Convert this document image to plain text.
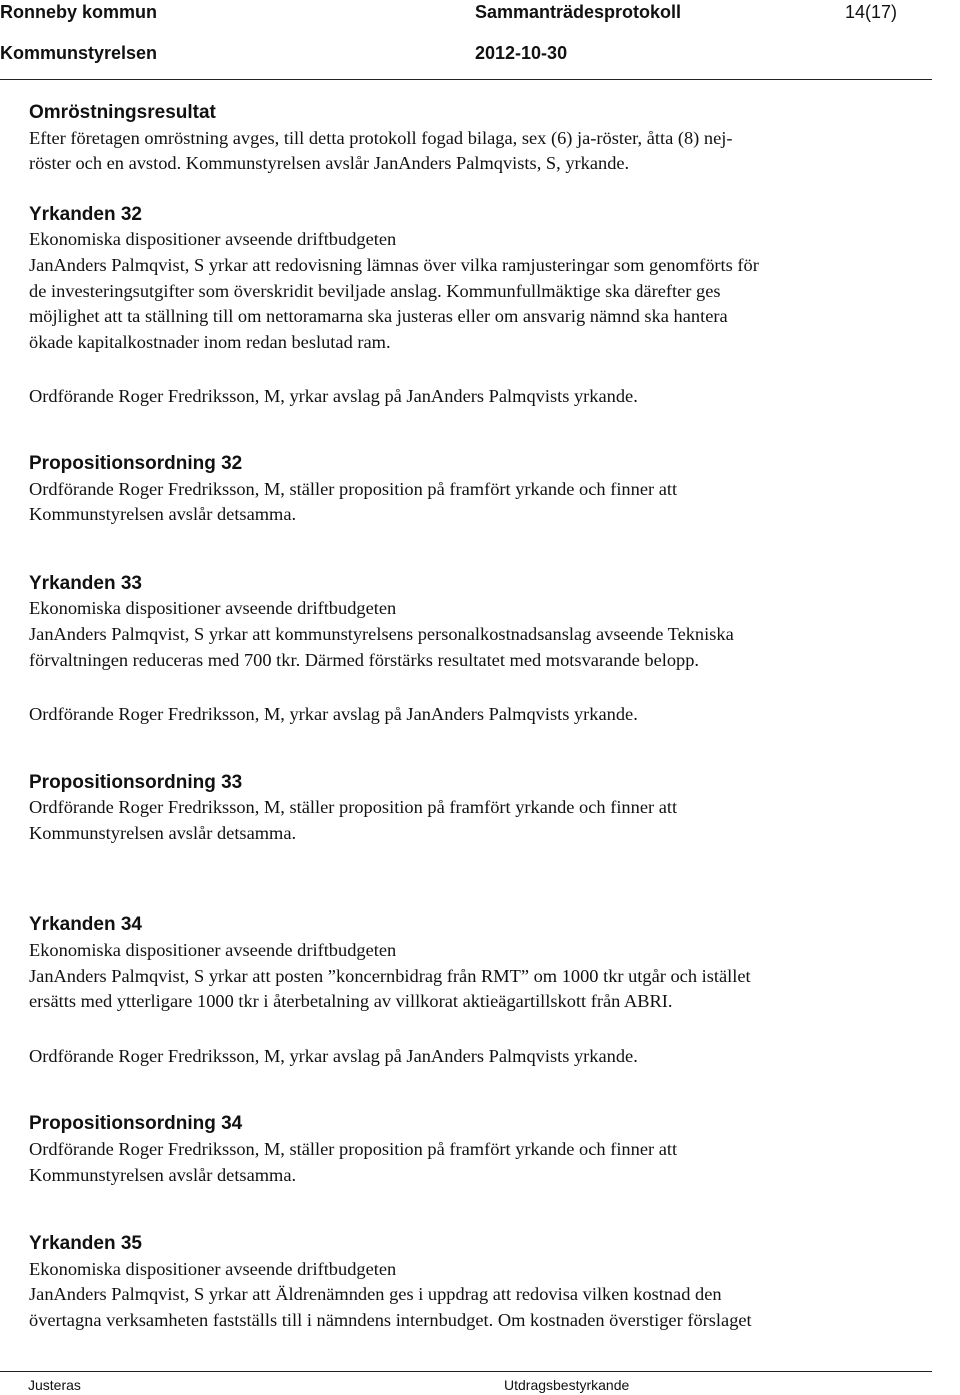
Ronneby kommun	Sammanträdesprotokoll	14(17)
Kommunstyrelsen	2012-10-30
Omröstningsresultat

Efter företagen omröstning avges, till detta protokoll fogad bilaga, sex (6) ja-röster, åtta (8) nej-

röster och en avstod. Kommunstyrelsen avslår JanAnders Palmqvists, S, yrkande.

Yrkanden 32

Ekonomiska dispositioner avseende driftbudgeten

JanAnders Palmqvist, S yrkar att redovisning lämnas över vilka ramjusteringar som genomförts för

de investeringsutgifter som överskridit beviljade anslag. Kommunfullmäktige ska därefter ges

möjlighet att ta ställning till om nettoramarna ska justeras eller om ansvarig nämnd ska hantera

ökade kapitalkostnader inom redan beslutad ram.

Ordförande Roger Fredriksson, M, yrkar avslag på JanAnders Palmqvists yrkande.

Propositionsordning 32

Ordförande Roger Fredriksson, M, ställer proposition på framfört yrkande och finner att

Kommunstyrelsen avslår detsamma.

Yrkanden 33

Ekonomiska dispositioner avseende driftbudgeten

JanAnders Palmqvist, S yrkar att kommunstyrelsens personalkostnadsanslag avseende Tekniska

förvaltningen reduceras med 700 tkr. Därmed förstärks resultatet med motsvarande belopp.

Ordförande Roger Fredriksson, M, yrkar avslag på JanAnders Palmqvists yrkande.

Propositionsordning 33

Ordförande Roger Fredriksson, M, ställer proposition på framfört yrkande och finner att

Kommunstyrelsen avslår detsamma.

Yrkanden 34

Ekonomiska dispositioner avseende driftbudgeten

JanAnders Palmqvist, S yrkar att posten ”koncernbidrag från RMT” om 1000 tkr utgår och istället

ersätts med ytterligare 1000 tkr i återbetalning av villkorat aktieägartillskott från ABRI.

Ordförande Roger Fredriksson, M, yrkar avslag på JanAnders Palmqvists yrkande.

Propositionsordning 34

Ordförande Roger Fredriksson, M, ställer proposition på framfört yrkande och finner att

Kommunstyrelsen avslår detsamma.

Yrkanden 35

Ekonomiska dispositioner avseende driftbudgeten

JanAnders Palmqvist, S yrkar att Äldrenämnden ges i uppdrag att redovisa vilken kostnad den

övertagna verksamheten fastställs till i nämndens internbudget. Om kostnaden överstiger förslaget

Justeras	Utdragsbestyrkande
